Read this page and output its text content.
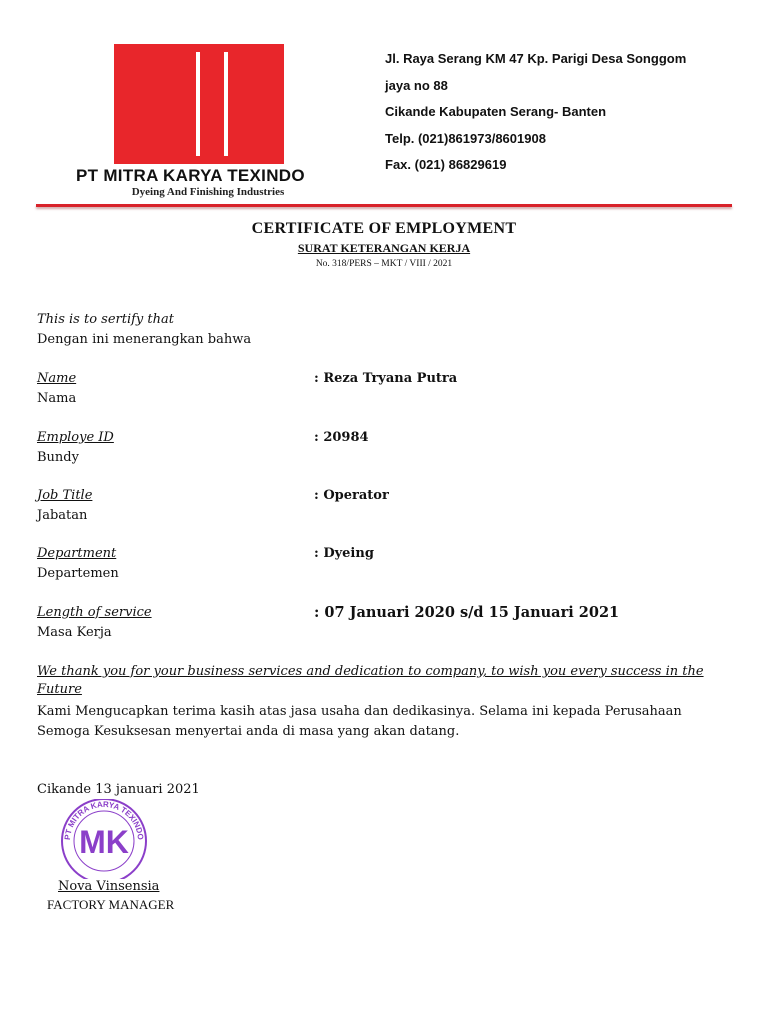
PT MITRA KARYA TEXINDO
Dyeing And Finishing Industries
Jl. Raya Serang KM 47 Kp. Parigi Desa Songgom
jaya no 88
Cikande Kabupaten Serang- Banten
Telp. (021)861973/8601908
Fax. (021) 86829619
CERTIFICATE OF EMPLOYMENT
SURAT KETERANGAN KERJA
No. 318/PERS – MKT / VIII / 2021
This is to sertify that
Dengan ini menerangkan bahwa
Name
Nama
: Reza Tryana Putra
Employe ID
Bundy
: 20984
Job Title
Jabatan
: Operator
Department
Departemen
: Dyeing
Length of service
Masa Kerja
: 07 Januari 2020 s/d 15 Januari 2021
We thank you for your business services and dedication to company, to wish you every success in the Future
Kami Mengucapkan terima kasih atas jasa usaha dan dedikasinya. Selama ini kepada Perusahaan Semoga Kesuksesan menyertai anda di masa yang akan datang.
Cikande 13 januari 2021
PT MITRA KARYA TEXINDO
MK
Nova Vinsensia
FACTORY MANAGER
